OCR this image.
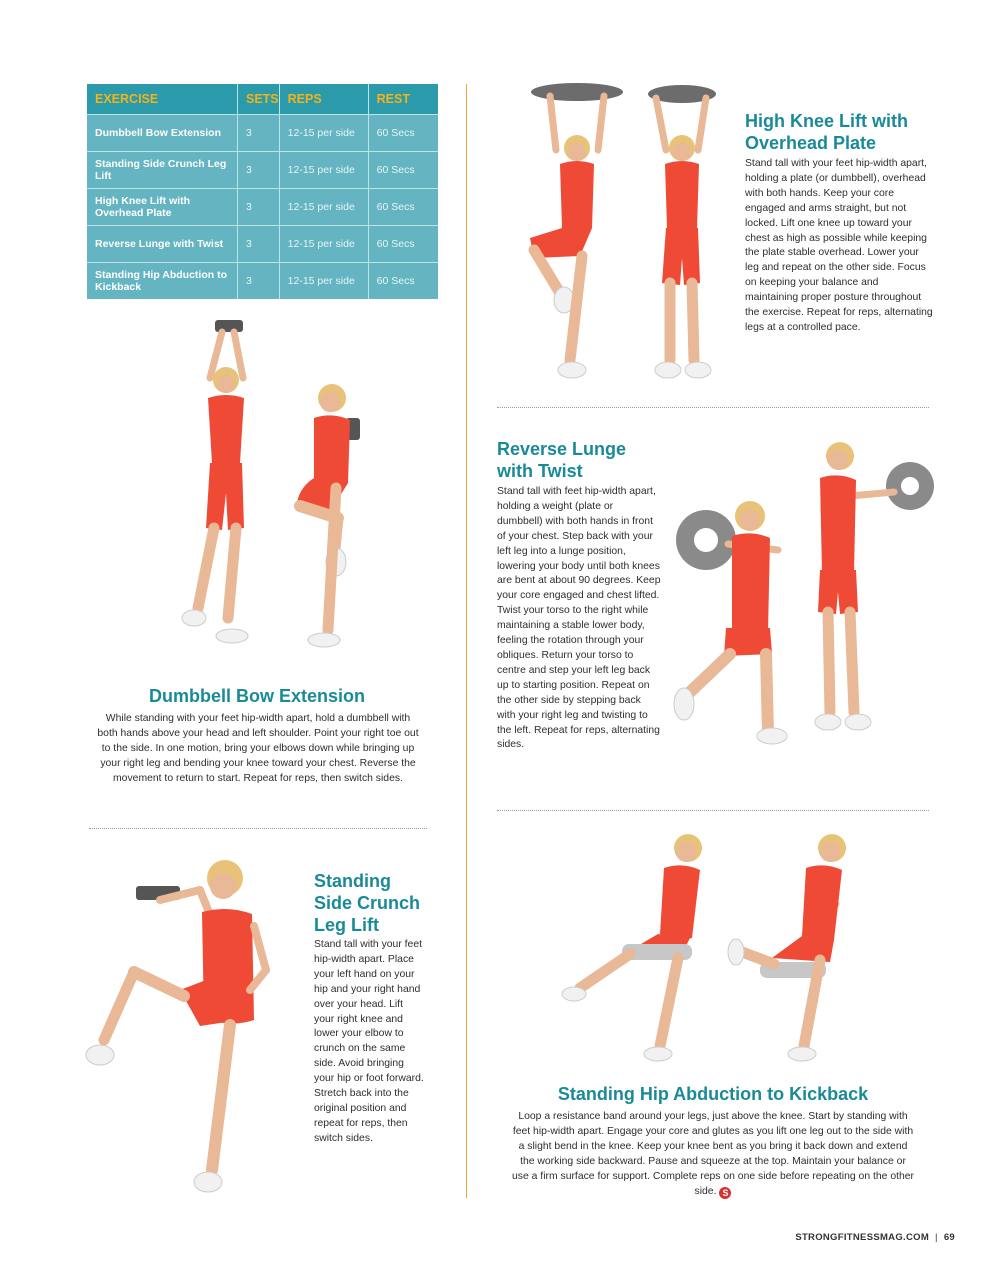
EXERCISE	SETS	REPS	REST
Dumbbell Bow Extension	3	12-15 per side	60 Secs
Standing Side Crunch Leg Lift	3	12-15 per side	60 Secs
High Knee Lift with Overhead Plate	3	12-15 per side	60 Secs
Reverse Lunge with Twist	3	12-15 per side	60 Secs
Standing Hip Abduction to Kickback	3	12-15 per side	60 Secs
Dumbbell Bow Extension

While standing with your feet hip-width apart, hold a dumbbell with both hands above your head and left shoulder. Point your right toe out to the side. In one motion, bring your elbows down while bringing up your right leg and bending your knee toward your chest. Reverse the movement to return to start. Repeat for reps, then switch sides.

Standing
Side Crunch
Leg Lift

Stand tall with your feet hip-width apart. Place your left hand on your hip and your right hand over your head. Lift your right knee and lower your elbow to crunch on the same side. Avoid bringing your hip or foot forward. Stretch back into the original position and repeat for reps, then switch sides.

High Knee Lift with
Overhead Plate

Stand tall with your feet hip-width apart, holding a plate (or dumbbell), overhead with both hands. Keep your core engaged and arms straight, but not locked. Lift one knee up toward your chest as high as possible while keeping the plate stable overhead. Lower your leg and repeat on the other side. Focus on keeping your balance and maintaining proper posture throughout the exercise. Repeat for reps, alternating legs at a controlled pace.

Reverse Lunge
with Twist

Stand tall with feet hip-width apart, holding a weight (plate or dumbbell) with both hands in front of your chest. Step back with your left leg into a lunge position, lowering your body until both knees are bent at about 90 degrees. Keep your core engaged and chest lifted. Twist your torso to the right while maintaining a stable lower body, feeling the rotation through your obliques. Return your torso to centre and step your left leg back up to starting position. Repeat on the other side by stepping back with your right leg and twisting to the left. Repeat for reps, alternating sides.

Standing Hip Abduction to Kickback

Loop a resistance band around your legs, just above the knee. Start by standing with feet hip-width apart. Engage your core and glutes as you lift one leg out to the side with a slight bend in the knee. Keep your knee bent as you bring it back down and extend the working side backward. Pause and squeeze at the top. Maintain your balance or use a firm surface for support. Complete reps on one side before repeating on the other side. S

STRONGFITNESSMAG.COM | 69
